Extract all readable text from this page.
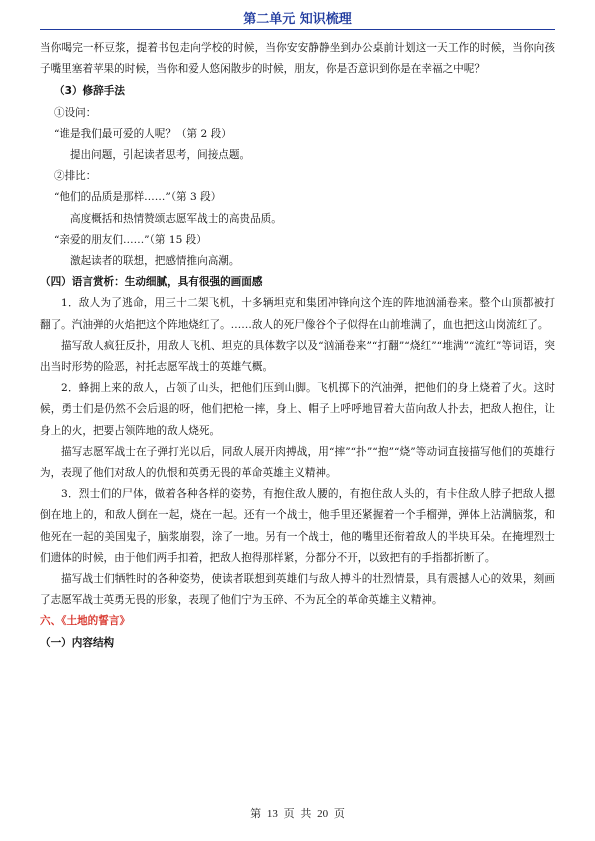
第二单元 知识梳理

当你喝完一杯豆浆，提着书包走向学校的时候，当你安安静静坐到办公桌前计划这一天工作的时候，当你向孩子嘴里塞着苹果的时候，当你和爱人悠闲散步的时候，朋友，你是否意识到你是在幸福之中呢？

（3）修辞手法

①设问：

“谁是我们最可爱的人呢？（第 2 段）

提出问题，引起读者思考，间接点题。

②排比：

“他们的品质是那样……”（第 3 段）

高度概括和热情赞颂志愿军战士的高贵品质。

“亲爱的朋友们……”（第 15 段）

激起读者的联想，把感情推向高潮。

（四）语言赏析：生动细腻，具有很强的画面感

1．敌人为了逃命，用三十二架飞机，十多辆坦克和集团冲锋向这个连的阵地汹涌卷来。整个山顶都被打翻了。汽油弹的火焰把这个阵地烧红了。……敌人的死尸像谷个子似得在山前堆满了，血也把这山岗流红了。

描写敌人疯狂反扑，用敌人飞机、坦克的具体数字以及“汹涌卷来”“打翻”“烧红”“堆满”“流红”等词语，突出当时形势的险恶，衬托志愿军战士的英雄气概。

2．蜂拥上来的敌人，占领了山头，把他们压到山脚。飞机掷下的汽油弹，把他们的身上烧着了火。这时候，勇士们是仍然不会后退的呀，他们把枪一摔，身上、帽子上呼呼地冒着大苗向敌人扑去，把敌人抱住，让身上的火，把要占领阵地的敌人烧死。

描写志愿军战士在子弹打光以后，同敌人展开肉搏战，用“摔”“扑”“抱”“烧”等动词直接描写他们的英雄行为，表现了他们对敌人的仇恨和英勇无畏的革命英雄主义精神。

3．烈士们的尸体，做着各种各样的姿势，有抱住敌人腰的，有抱住敌人头的，有卡住敌人脖子把敌人摁倒在地上的，和敌人倒在一起，烧在一起。还有一个战士，他手里还紧握着一个手榴弹，弹体上沾满脑浆，和他死在一起的美国鬼子，脑浆崩裂，涂了一地。另有一个战士，他的嘴里还衔着敌人的半块耳朵。在掩埋烈士们遗体的时候，由于他们两手扣着，把敌人抱得那样紧，分都分不开，以致把有的手指都折断了。

描写战士们牺牲时的各种姿势，使读者联想到英雄们与敌人搏斗的壮烈情景，具有震撼人心的效果，刻画了志愿军战士英勇无畏的形象，表现了他们宁为玉碎、不为瓦全的革命英雄主义精神。

六、《土地的誓言》

（一）内容结构

第 13 页 共 20 页
